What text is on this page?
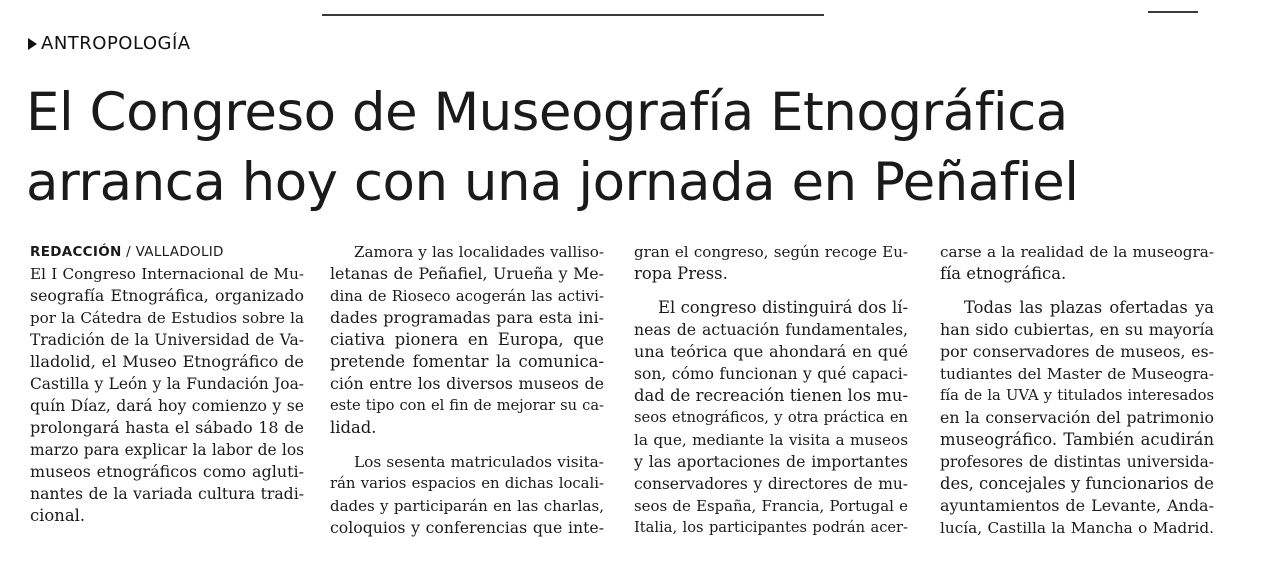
ANTROPOLOGÍA
El Congreso de Museografía Etnográfica
arranca hoy con una jornada en Peñafiel
REDACCIÓN / VALLADOLID
El I Congreso Internacional de Mu-
seografía Etnográfica, organizado
por la Cátedra de Estudios sobre la
Tradición de la Universidad de Va-
lladolid, el Museo Etnográfico de
Castilla y León y la Fundación Joa-
quín Díaz, dará hoy comienzo y se
prolongará hasta el sábado 18 de
marzo para explicar la labor de los
museos etnográficos como agluti-
nantes de la variada cultura tradi-
cional.
Zamora y las localidades valliso-
letanas de Peñafiel, Urueña y Me-
dina de Rioseco acogerán las activi-
dades programadas para esta ini-
ciativa pionera en Europa, que
pretende fomentar la comunica-
ción entre los diversos museos de
este tipo con el fin de mejorar su ca-
lidad.
Los sesenta matriculados visita-
rán varios espacios en dichas locali-
dades y participarán en las charlas,
coloquios y conferencias que inte-
gran el congreso, según recoge Eu-
ropa Press.
El congreso distinguirá dos lí-
neas de actuación fundamentales,
una teórica que ahondará en qué
son, cómo funcionan y qué capaci-
dad de recreación tienen los mu-
seos etnográficos, y otra práctica en
la que, mediante la visita a museos
y las aportaciones de importantes
conservadores y directores de mu-
seos de España, Francia, Portugal e
Italia, los participantes podrán acer-
carse a la realidad de la museogra-
fía etnográfica.
Todas las plazas ofertadas ya
han sido cubiertas, en su mayoría
por conservadores de museos, es-
tudiantes del Master de Museogra-
fía de la UVA y titulados interesados
en la conservación del patrimonio
museográfico. También acudirán
profesores de distintas universida-
des, concejales y funcionarios de
ayuntamientos de Levante, Anda-
lucía, Castilla la Mancha o Madrid.
